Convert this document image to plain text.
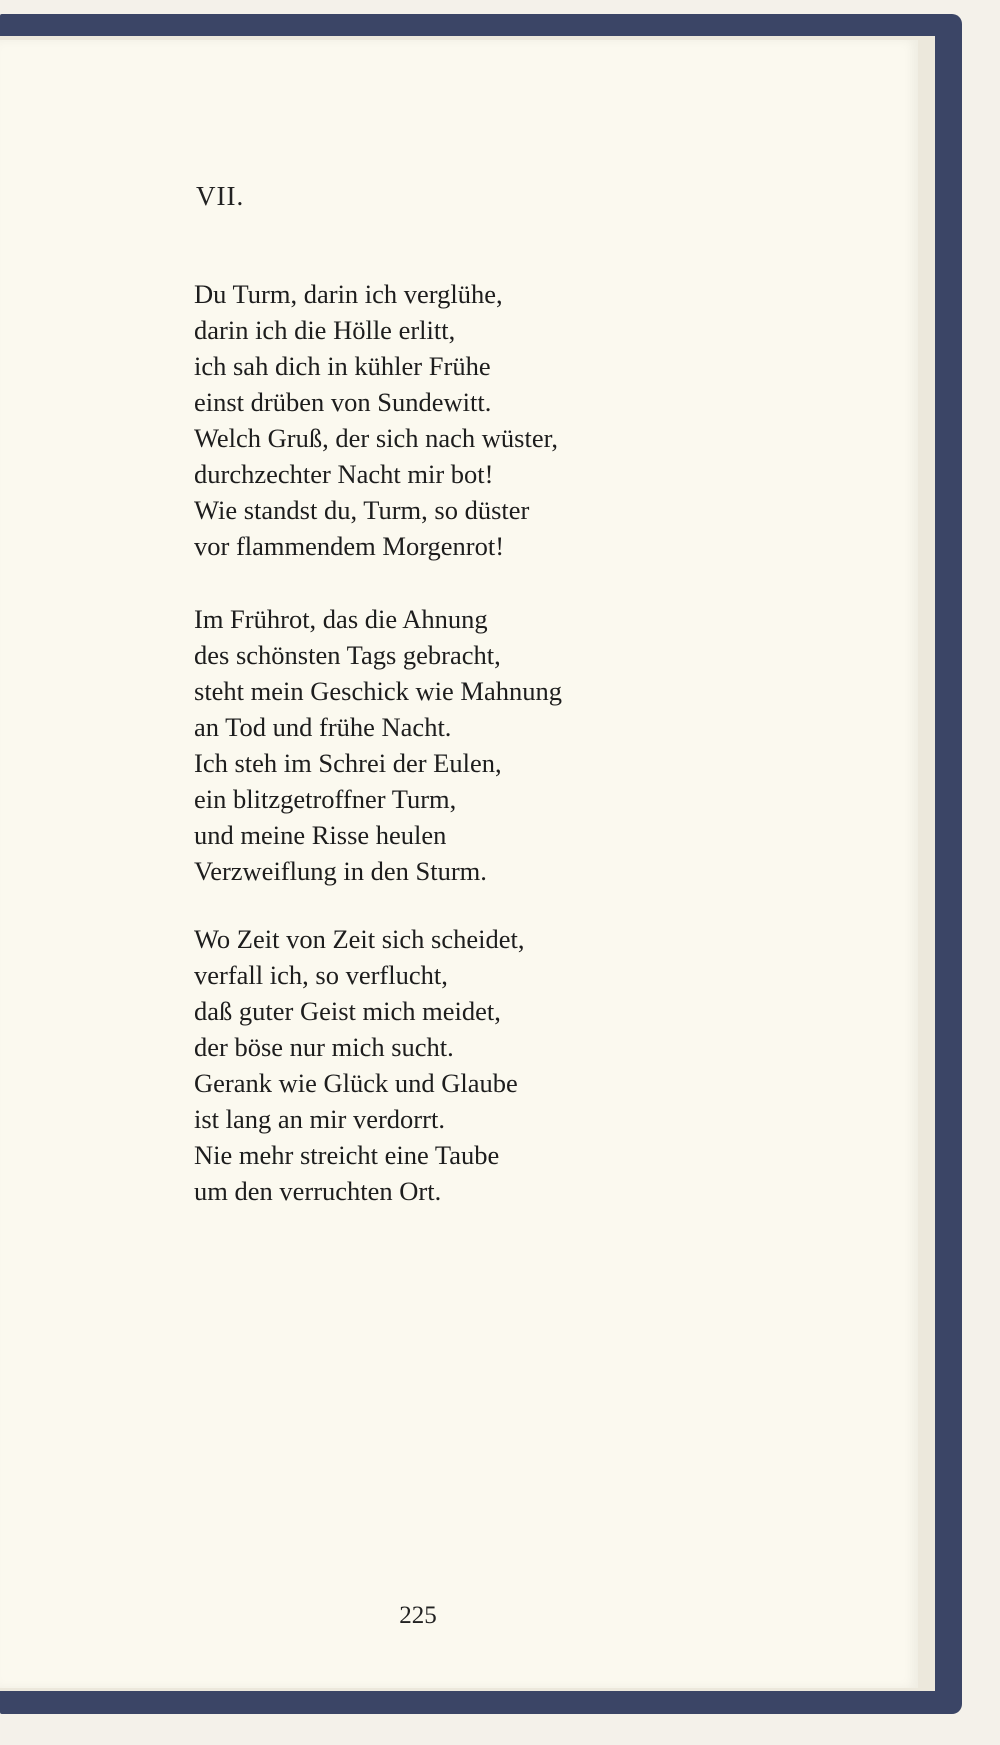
VII.
Du Turm, darin ich verglühe,
darin ich die Hölle erlitt,
ich sah dich in kühler Frühe
einst drüben von Sundewitt.
Welch Gruß, der sich nach wüster,
durchzechter Nacht mir bot!
Wie standst du, Turm, so düster
vor flammendem Morgenrot!
Im Frührot, das die Ahnung
des schönsten Tags gebracht,
steht mein Geschick wie Mahnung
an Tod und frühe Nacht.
Ich steh im Schrei der Eulen,
ein blitzgetroffner Turm,
und meine Risse heulen
Verzweiflung in den Sturm.
Wo Zeit von Zeit sich scheidet,
verfall ich, so verflucht,
daß guter Geist mich meidet,
der böse nur mich sucht.
Gerank wie Glück und Glaube
ist lang an mir verdorrt.
Nie mehr streicht eine Taube
um den verruchten Ort.
225
